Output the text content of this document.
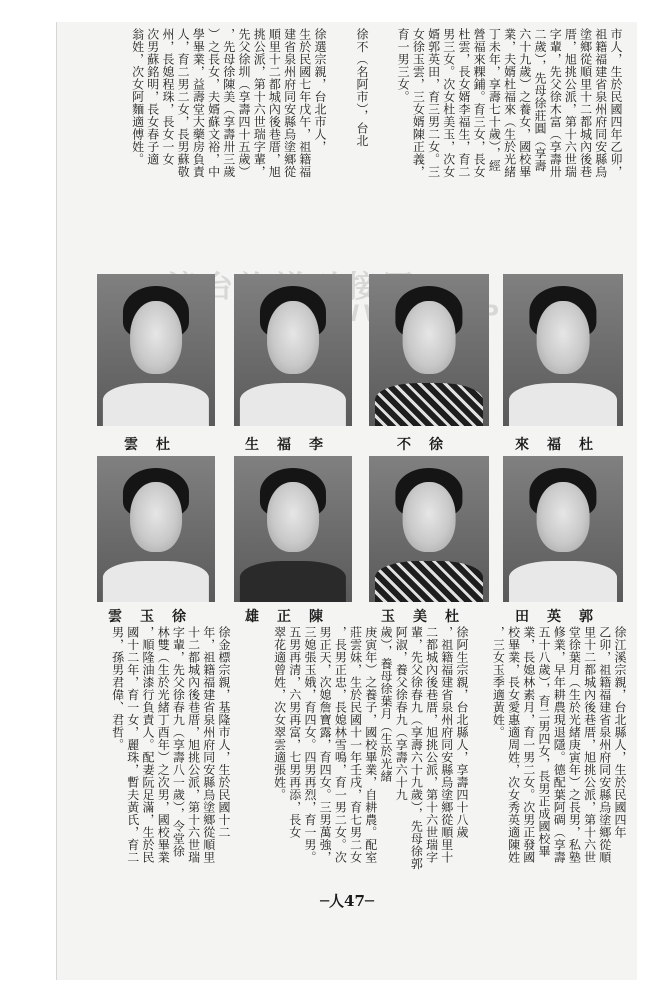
市人，生於民國四年乙卯，
祖籍福建省泉州府同安縣烏
塗鄉從順里十二都城內後巷
厝，旭挑公派，第十六世瑞
字輩，先父徐木富（享壽卅
二歲），先母徐莊圓（享壽
六十九歲）之養女，國校畢
業，夫婿杜福來（生於光緒
丁未年，享壽七十歲），經
營福來粿鋪。育三女，長女
杜雲，長女婿李福生，育二
男三女。次女杜美玉，次女
婿郭英田，育三男二女。三
女徐玉雲，三女婿陳正義，
育一男三女。
徐不（名阿市），台北
徐選宗親，台北市人，
生於民國七年戊午，祖籍福
建省泉州府同安縣烏塗鄉從
順里十二都城內後巷厝，旭
挑公派，第十六世瑞字輩，
先父徐圳（享壽四十五歲）
，先母徐陳美（享壽卅三歲
）之長女，夫婿蘇文裕，中
學畢業，益壽堂大藥房負責
人，育二男二女，長男蘇敬
州，長媳程珠，長女一女
次男蘇銘明，長女春子適
翁姓，次女阿麵適傅姓。
雲杜	生福李	不徐	來福杜
雲玉徐	雄正陳	玉美杜	田英郭
徐江溪宗親，台北縣人，生於民國四年
乙卯，祖籍福建省泉州府同安縣烏塗鄉從順
里十二都城內後巷厝，旭挑公派，第十六世
堂徐葉月（生於光緒庚寅年）之長男，私塾
修業，早年耕農現退隱。德配葉阿碉（享壽
五十八歲），育二男四女，長男正成國校畢
業，長媳林素月，育一男二女。次男正發國
校畢業，長女愛惠適周姓，次女秀英適陳姓
，三女玉季適黃姓。
徐阿生宗親，台北縣人，享壽四十八歲
，祖籍福建省泉州府同安縣烏塗鄉從順里十
二都城內後巷厝，旭挑公派，第十六世瑞字
輩，先父徐春九（享壽六十九歲），先母徐郭
阿淑，養父徐春九（享壽六十九
歲），養母徐葉月（生於光緒
庚寅年）之養子，國校畢業，自耕農。配室
莊雲妹，生於民國十一年壬戌，育七男二女
，長男正忠，長媳林雪鳴，育一男二女。次
男正天，次媳詹寶露，育四女。三男萬強，
三媳張玉娥，育四女。四男再烈，育一男。
五男再清，六男再富，七男再添，長女
翠花適曾姓，次女翠雲適張姓。
徐金標宗親，基隆市人，生於民國十二
年，祖籍福建省泉州府同安縣烏塗鄉從順里
十二都城內後巷厝，旭挑公派，第十六世瑞
字輩，先父徐春九（享壽八一歲），令堂徐
林雙（生於光緒丁酉年）之次男，國校畢業
，順隆油漆行負責人。配妻阮足滿，生於民
國十二年，育一女，麗珠，暫夫黃氏，育二
男，孫男君偉、君哲。
─人47─
